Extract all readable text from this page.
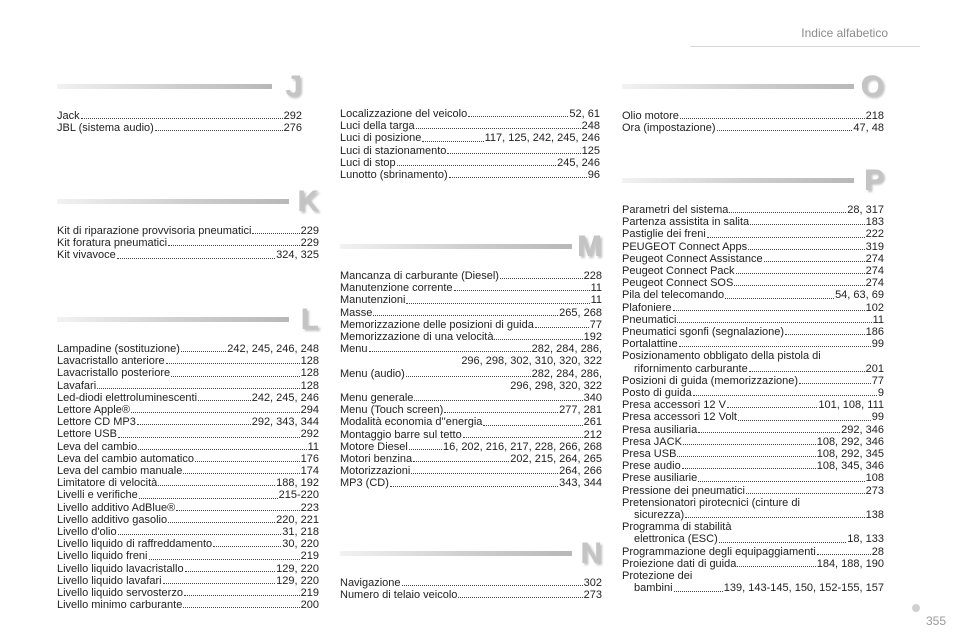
Indice alfabetico
J
Jack	292
JBL (sistema audio)	276
K
Kit di riparazione provvisoria pneumatici	229
Kit foratura pneumatici	229
Kit vivavoce	324, 325
L
Lampadine (sostituzione)	242, 245, 246, 248
Lavacristallo anteriore	128
Lavacristallo posteriore	128
Lavafari	128
Led-diodi elettroluminescenti	242, 245, 246
Lettore Apple®	294
Lettore CD MP3	292, 343, 344
Lettore USB	292
Leva del cambio	11
Leva del cambio automatico	176
Leva del cambio manuale	174
Limitatore di velocità	188, 192
Livelli e verifiche	215-220
Livello additivo AdBlue®	223
Livello additivo gasolio	220, 221
Livello d'olio	31, 218
Livello liquido di raffreddamento	30, 220
Livello liquido freni	219
Livello liquido lavacristallo	129, 220
Livello liquido lavafari	129, 220
Livello liquido servosterzo	219
Livello minimo carburante	200
Localizzazione del veicolo	52, 61
Luci della targa	248
Luci di posizione	117, 125, 242, 245, 246
Luci di stazionamento	125
Luci di stop	245, 246
Lunotto (sbrinamento)	96
M
Mancanza di carburante (Diesel)	228
Manutenzione corrente	11
Manutenzioni	11
Masse	265, 268
Memorizzazione delle posizioni di guida	77
Memorizzazione di una velocità	192
Menu	282, 284, 286,
296, 298, 302, 310, 320, 322
Menu (audio)	282, 284, 286,
296, 298, 320, 322
Menu generale	340
Menu (Touch screen)	277, 281
Modalità economia d''energia	261
Montaggio barre sul tetto	212
Motore Diesel	16, 202, 216, 217, 228, 266, 268
Motori benzina	202, 215, 264, 265
Motorizzazioni	264, 266
MP3 (CD)	343, 344
N
Navigazione	302
Numero di telaio veicolo	273
O
Olio motore	218
Ora (impostazione)	47, 48
P
Parametri del sistema	28, 317
Partenza assistita in salita	183
Pastiglie dei freni	222
PEUGEOT Connect Apps	319
Peugeot Connect Assistance	274
Peugeot Connect Pack	274
Peugeot Connect SOS	274
Pila del telecomando	54, 63, 69
Plafoniere	102
Pneumatici	11
Pneumatici sgonfi (segnalazione)	186
Portalattine	99
Posizionamento obbligato della pistola di
rifornimento carburante	201
Posizioni di guida (memorizzazione)	77
Posto di guida	9
Presa accessori 12 V	101, 108, 111
Presa accessori 12 Volt	99
Presa ausiliaria	292, 346
Presa JACK	108, 292, 346
Presa USB	108, 292, 345
Prese audio	108, 345, 346
Prese ausiliarie	108
Pressione dei pneumatici	273
Pretensionatori pirotecnici (cinture di
sicurezza)	138
Programma di stabilità
elettronica (ESC)	18, 133
Programmazione degli equipaggiamenti	28
Proiezione dati di guida	184, 188, 190
Protezione dei
bambini	139, 143-145, 150, 152-155, 157
355
